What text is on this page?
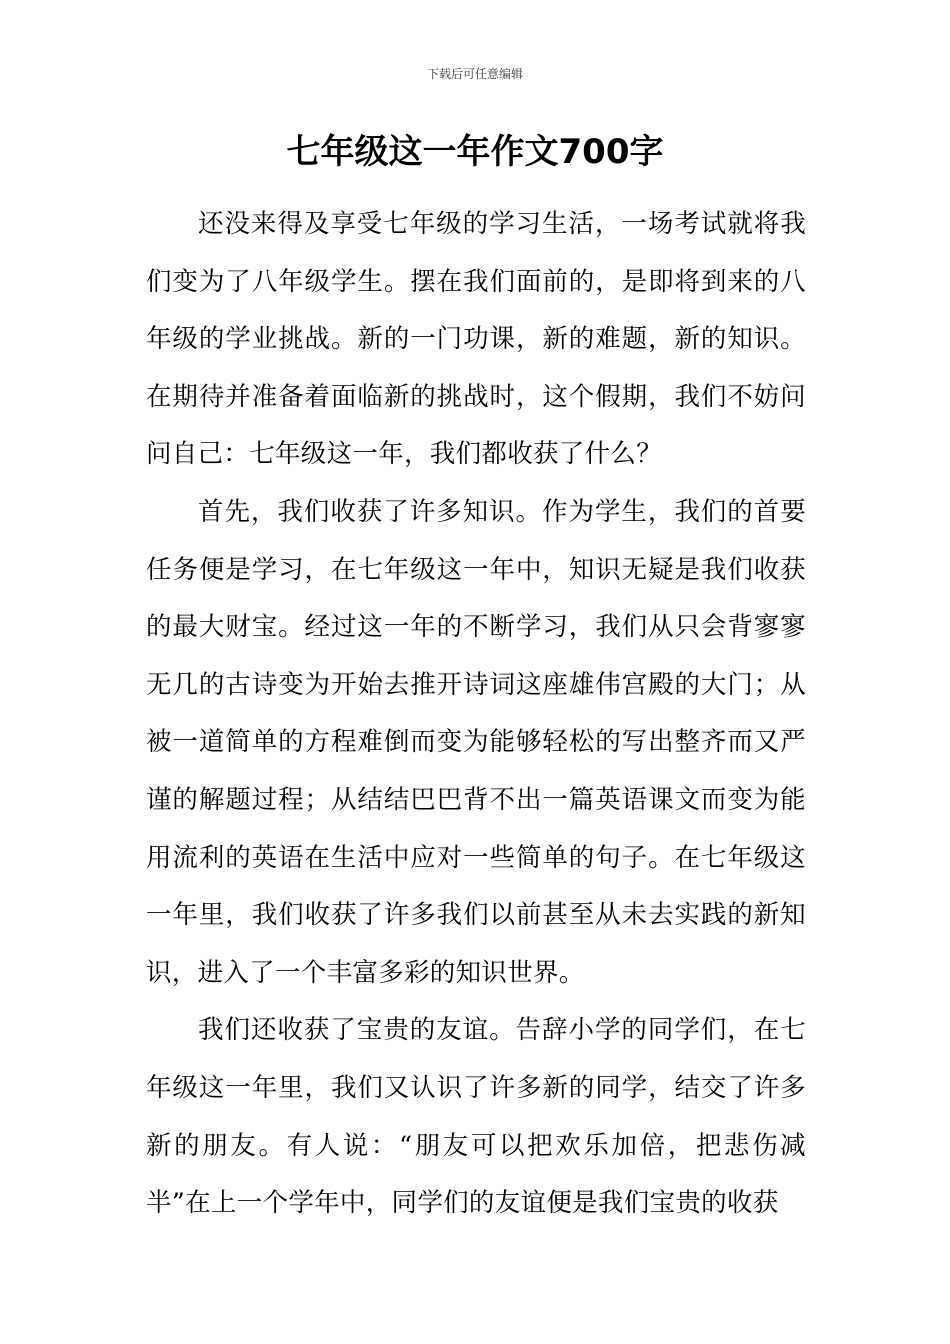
下载后可任意编辑
七年级这一年作文700字

还没来得及享受七年级的学习生活，一场考试就将我们变为了八年级学生。摆在我们面前的，是即将到来的八年级的学业挑战。新的一门功课，新的难题，新的知识。在期待并准备着面临新的挑战时，这个假期，我们不妨问问自己：七年级这一年，我们都收获了什么？

首先，我们收获了许多知识。作为学生，我们的首要任务便是学习，在七年级这一年中，知识无疑是我们收获的最大财宝。经过这一年的不断学习，我们从只会背寥寥无几的古诗变为开始去推开诗词这座雄伟宫殿的大门；从被一道简单的方程难倒而变为能够轻松的写出整齐而又严谨的解题过程；从结结巴巴背不出一篇英语课文而变为能用流利的英语在生活中应对一些简单的句子。在七年级这一年里，我们收获了许多我们以前甚至从未去实践的新知识，进入了一个丰富多彩的知识世界。

我们还收获了宝贵的友谊。告辞小学的同学们，在七年级这一年里，我们又认识了许多新的同学，结交了许多新的朋友。有人说：“朋友可以把欢乐加倍，把悲伤减半”在上一个学年中，同学们的友谊便是我们宝贵的收获
